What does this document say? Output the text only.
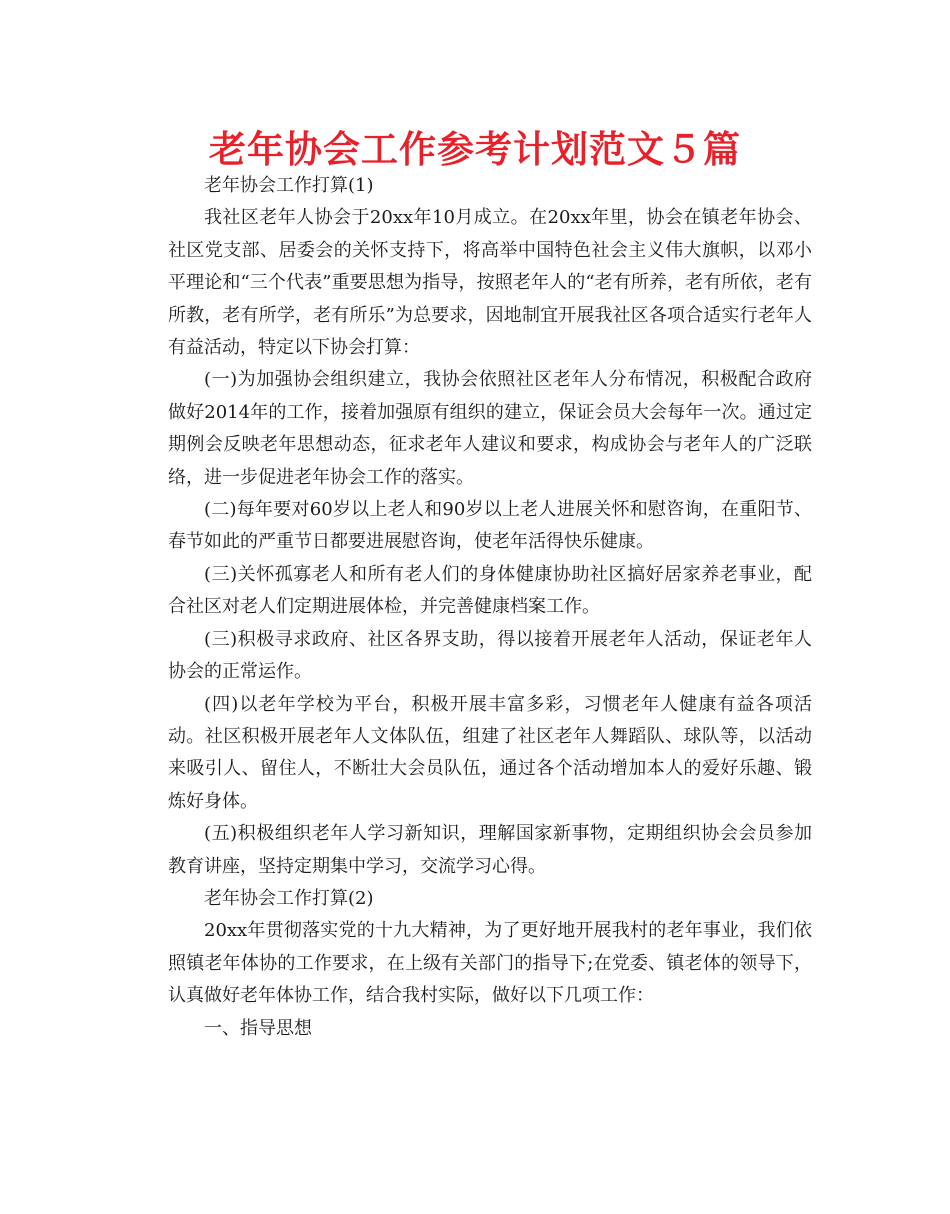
老年协会工作参考计划范文５篇

老年协会工作打算(1)

我社区老年人协会于20xx年10月成立。在20xx年里，协会在镇老年协会、社区党支部、居委会的关怀支持下，将高举中国特色社会主义伟大旗帜，以邓小平理论和“三个代表”重要思想为指导，按照老年人的“老有所养，老有所依，老有所教，老有所学，老有所乐”为总要求，因地制宜开展我社区各项合适实行老年人有益活动，特定以下协会打算：

(一)为加强协会组织建立，我协会依照社区老年人分布情况，积极配合政府做好2014年的工作，接着加强原有组织的建立，保证会员大会每年一次。通过定期例会反映老年思想动态，征求老年人建议和要求，构成协会与老年人的广泛联络，进一步促进老年协会工作的落实。

(二)每年要对60岁以上老人和90岁以上老人进展关怀和慰咨询，在重阳节、春节如此的严重节日都要进展慰咨询，使老年活得快乐健康。

(三)关怀孤寡老人和所有老人们的身体健康协助社区搞好居家养老事业，配合社区对老人们定期进展体检，并完善健康档案工作。

(三)积极寻求政府、社区各界支助，得以接着开展老年人活动，保证老年人协会的正常运作。

(四)以老年学校为平台，积极开展丰富多彩，习惯老年人健康有益各项活动。社区积极开展老年人文体队伍，组建了社区老年人舞蹈队、球队等，以活动来吸引人、留住人，不断壮大会员队伍，通过各个活动增加本人的爱好乐趣、锻炼好身体。

(五)积极组织老年人学习新知识，理解国家新事物，定期组织协会会员参加教育讲座，坚持定期集中学习，交流学习心得。

老年协会工作打算(2)

20xx年贯彻落实党的十九大精神，为了更好地开展我村的老年事业，我们依照镇老年体协的工作要求，在上级有关部门的指导下;在党委、镇老体的领导下，认真做好老年体协工作，结合我村实际，做好以下几项工作：

一、指导思想
